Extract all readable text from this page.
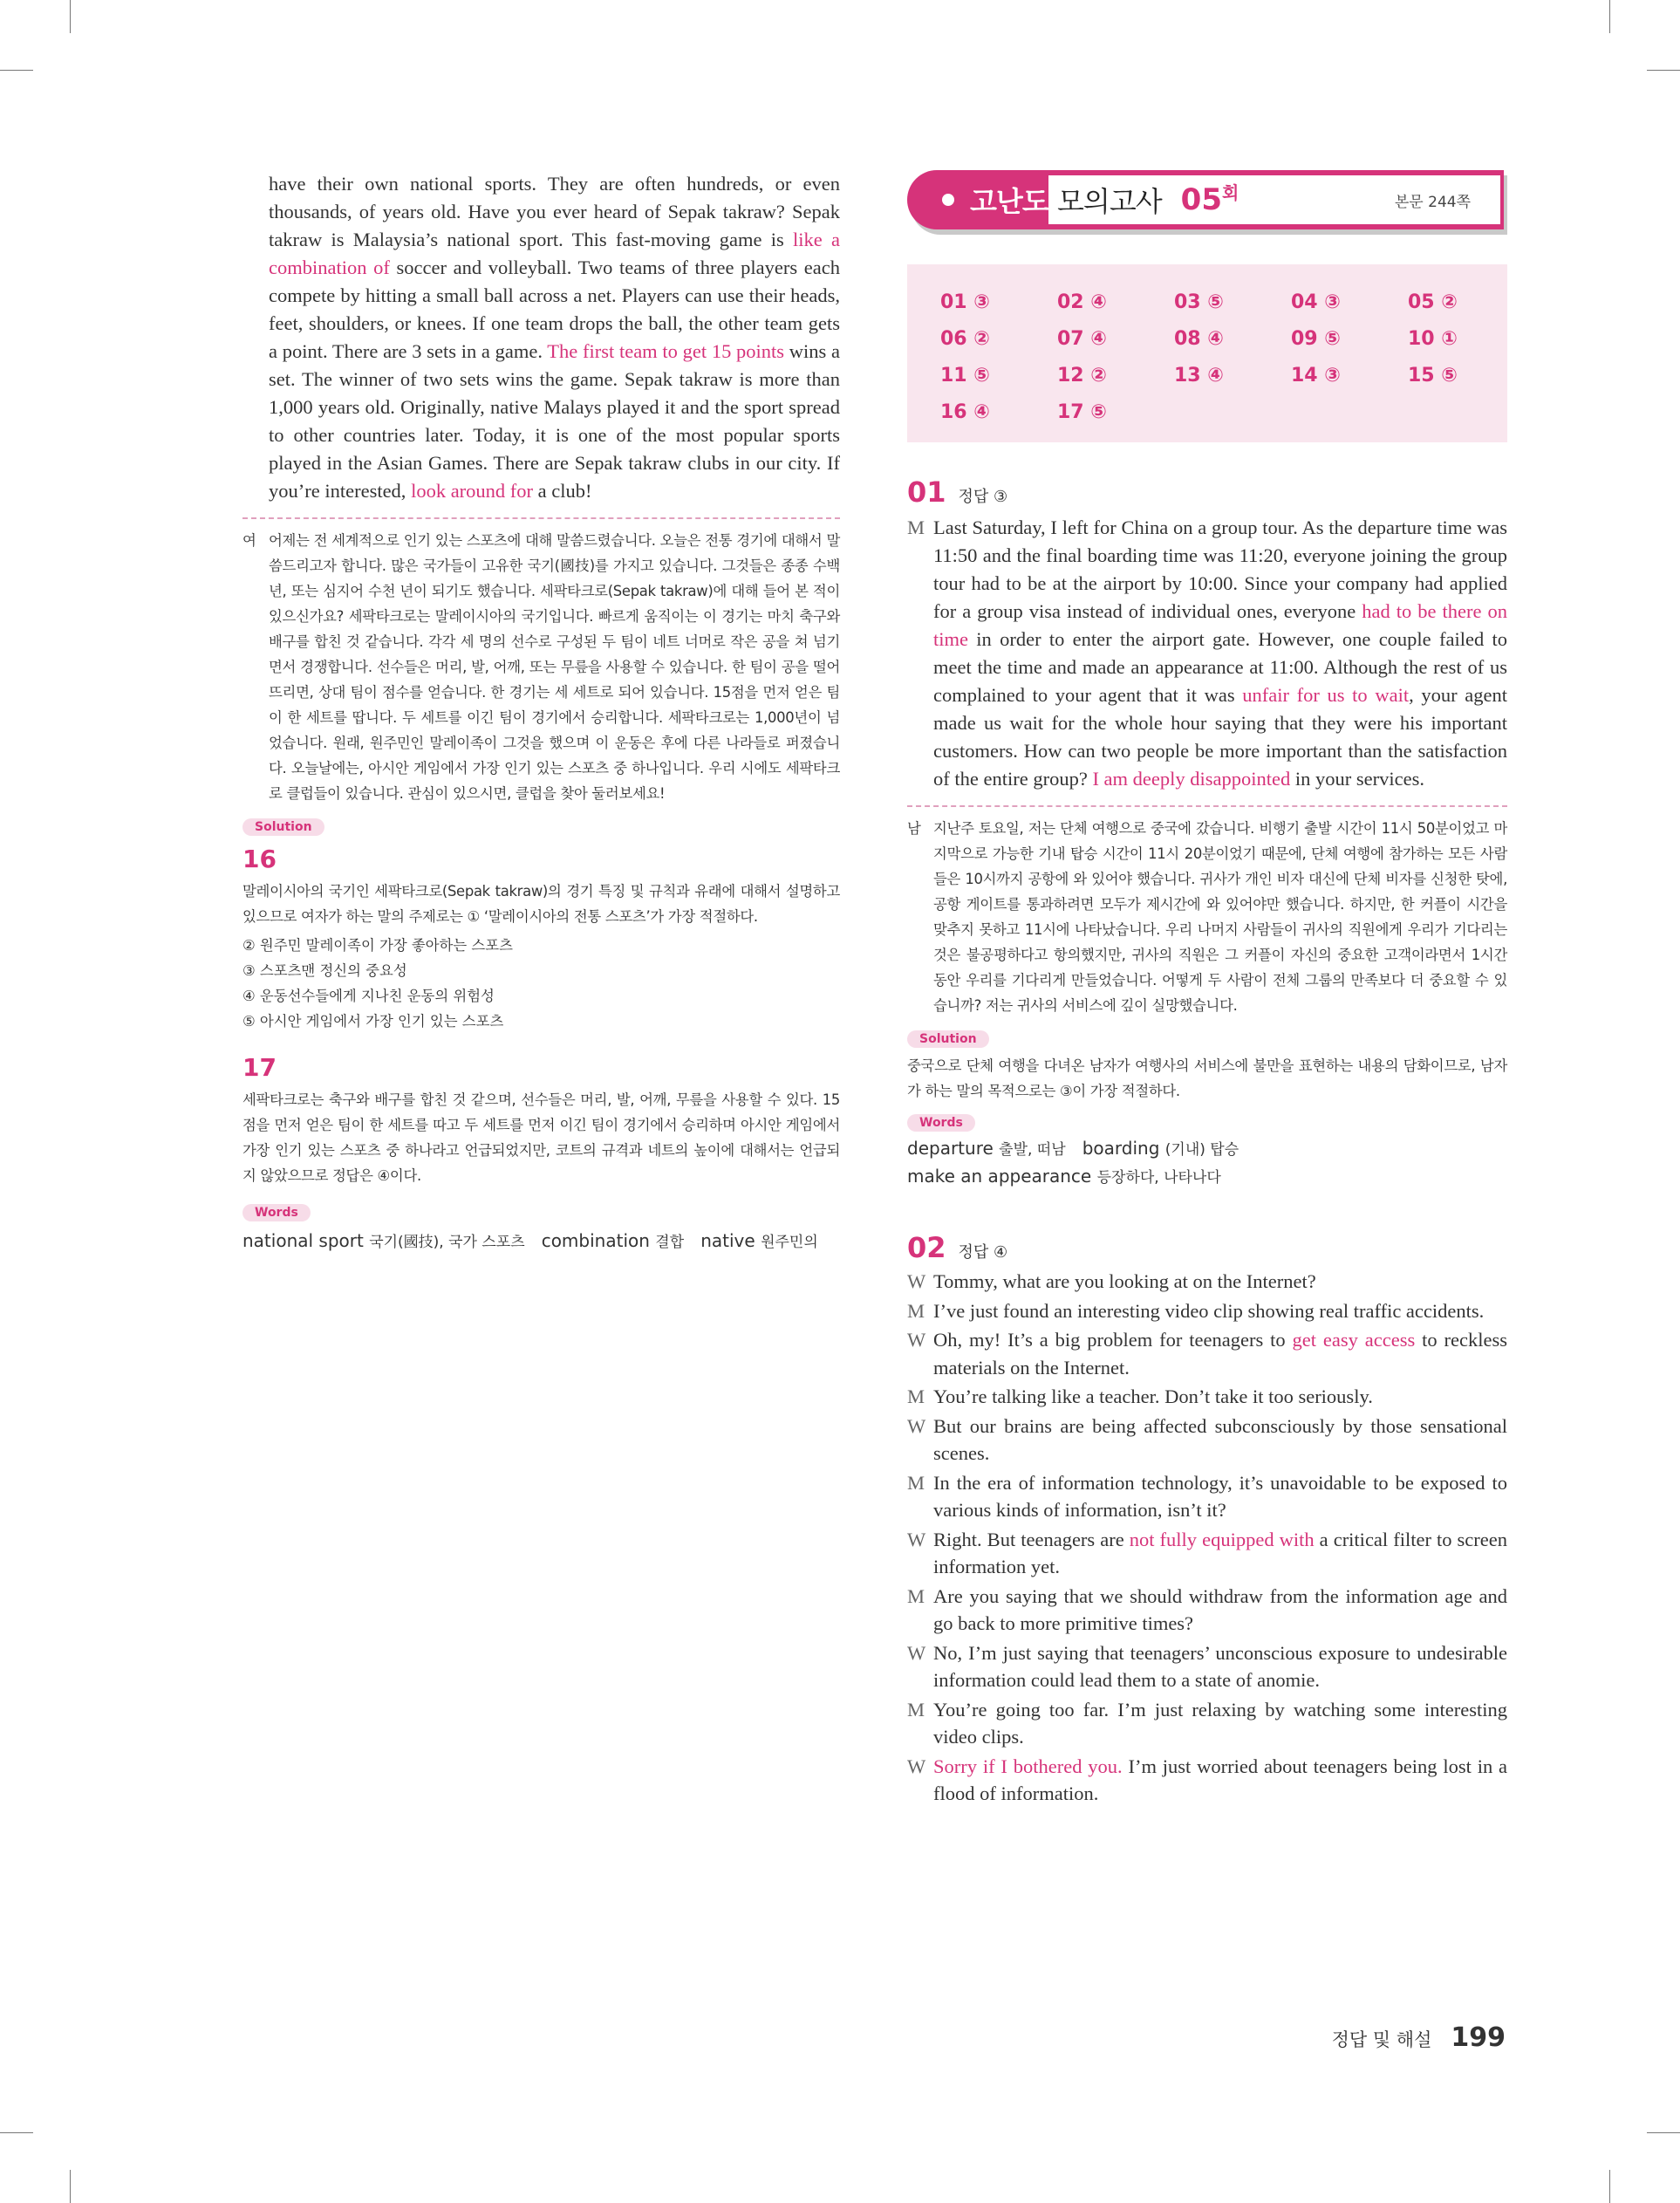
have their own national sports. They are often hundreds, or even thousands, of years old. Have you ever heard of Sepak takraw? Sepak takraw is Malaysia’s national sport. This fast-moving game is like a combination of soccer and volleyball. Two teams of three players each compete by hitting a small ball across a net. Players can use their heads, feet, shoulders, or knees. If one team drops the ball, the other team gets a point. There are 3 sets in a game. The first team to get 15 points wins a set. The winner of two sets wins the game. Sepak takraw is more than 1,000 years old. Originally, native Malays played it and the sport spread to other countries later. Today, it is one of the most popular sports played in the Asian Games. There are Sepak takraw clubs in our city. If you’re interested, look around for a club!
여 어제는 전 세계적으로 인기 있는 스포츠에 대해 말씀드렸습니다. 오늘은 전통 경기에 대해서 말씀드리고자 합니다. 많은 국가들이 고유한 국기(國技)를 가지고 있습니다. 그것들은 종종 수백 년, 또는 심지어 수천 년이 되기도 했습니다. 세팍타크로(Sepak takraw)에 대해 들어 본 적이 있으신가요? 세팍타크로는 말레이시아의 국기입니다. 빠르게 움직이는 이 경기는 마치 축구와 배구를 합친 것 같습니다. 각각 세 명의 선수로 구성된 두 팀이 네트 너머로 작은 공을 쳐 넘기면서 경쟁합니다. 선수들은 머리, 발, 어깨, 또는 무릎을 사용할 수 있습니다. 한 팀이 공을 떨어뜨리면, 상대 팀이 점수를 얻습니다. 한 경기는 세 세트로 되어 있습니다. 15점을 먼저 얻은 팀이 한 세트를 땁니다. 두 세트를 이긴 팀이 경기에서 승리합니다. 세팍타크로는 1,000년이 넘었습니다. 원래, 원주민인 말레이족이 그것을 했으며 이 운동은 후에 다른 나라들로 퍼졌습니다. 오늘날에는, 아시안 게임에서 가장 인기 있는 스포츠 중 하나입니다. 우리 시에도 세팍타크로 클럽들이 있습니다. 관심이 있으시면, 클럽을 찾아 둘러보세요!
Solution
16
말레이시아의 국기인 세팍타크로(Sepak takraw)의 경기 특징 및 규칙과 유래에 대해서 설명하고 있으므로 여자가 하는 말의 주제로는 ① ‘말레이시아의 전통 스포츠’가 가장 적절하다.
② 원주민 말레이족이 가장 좋아하는 스포츠
③ 스포츠맨 정신의 중요성
④ 운동선수들에게 지나친 운동의 위험성
⑤ 아시안 게임에서 가장 인기 있는 스포츠
17
세팍타크로는 축구와 배구를 합친 것 같으며, 선수들은 머리, 발, 어깨, 무릎을 사용할 수 있다. 15점을 먼저 얻은 팀이 한 세트를 따고 두 세트를 먼저 이긴 팀이 경기에서 승리하며 아시안 게임에서 가장 인기 있는 스포츠 중 하나라고 언급되었지만, 코트의 규격과 네트의 높이에 대해서는 언급되지 않았으므로 정답은 ④이다.
Words
national sport 국기(國技), 국가 스포츠 combination 결합 native 원주민의
고난도 모의고사 05 회	본문 244쪽
01 ③	02 ④	03 ⑤	04 ③	05 ②
06 ②	07 ④	08 ④	09 ⑤	10 ①
11 ⑤	12 ②	13 ④	14 ③	15 ⑤
16 ④	17 ⑤
01 정답 ③
M Last Saturday, I left for China on a group tour. As the departure time was 11:50 and the final boarding time was 11:20, everyone joining the group tour had to be at the airport by 10:00. Since your company had applied for a group visa instead of individual ones, everyone had to be there on time in order to enter the airport gate. However, one couple failed to meet the time and made an appearance at 11:00. Although the rest of us complained to your agent that it was unfair for us to wait, your agent made us wait for the whole hour saying that they were his important customers. How can two people be more important than the satisfaction of the entire group? I am deeply disappointed in your services.
남 지난주 토요일, 저는 단체 여행으로 중국에 갔습니다. 비행기 출발 시간이 11시 50분이었고 마지막으로 가능한 기내 탑승 시간이 11시 20분이었기 때문에, 단체 여행에 참가하는 모든 사람들은 10시까지 공항에 와 있어야 했습니다. 귀사가 개인 비자 대신에 단체 비자를 신청한 탓에, 공항 게이트를 통과하려면 모두가 제시간에 와 있어야만 했습니다. 하지만, 한 커플이 시간을 맞추지 못하고 11시에 나타났습니다. 우리 나머지 사람들이 귀사의 직원에게 우리가 기다리는 것은 불공평하다고 항의했지만, 귀사의 직원은 그 커플이 자신의 중요한 고객이라면서 1시간 동안 우리를 기다리게 만들었습니다. 어떻게 두 사람이 전체 그룹의 만족보다 더 중요할 수 있습니까? 저는 귀사의 서비스에 깊이 실망했습니다.
Solution
중국으로 단체 여행을 다녀온 남자가 여행사의 서비스에 불만을 표현하는 내용의 담화이므로, 남자가 하는 말의 목적으로는 ③이 가장 적절하다.
Words
departure 출발, 떠남 boarding (기내) 탑승
make an appearance 등장하다, 나타나다
02 정답 ④
W Tommy, what are you looking at on the Internet?
M I’ve just found an interesting video clip showing real traffic accidents.
W Oh, my! It’s a big problem for teenagers to get easy access to reckless materials on the Internet.
M You’re talking like a teacher. Don’t take it too seriously.
W But our brains are being affected subconsciously by those sensational scenes.
M In the era of information technology, it’s unavoidable to be exposed to various kinds of information, isn’t it?
W Right. But teenagers are not fully equipped with a critical filter to screen information yet.
M Are you saying that we should withdraw from the information age and go back to more primitive times?
W No, I’m just saying that teenagers’ unconscious exposure to undesirable information could lead them to a state of anomie.
M You’re going too far. I’m just relaxing by watching some interesting video clips.
W Sorry if I bothered you. I’m just worried about teenagers being lost in a flood of information.
정답 및 해설 199
